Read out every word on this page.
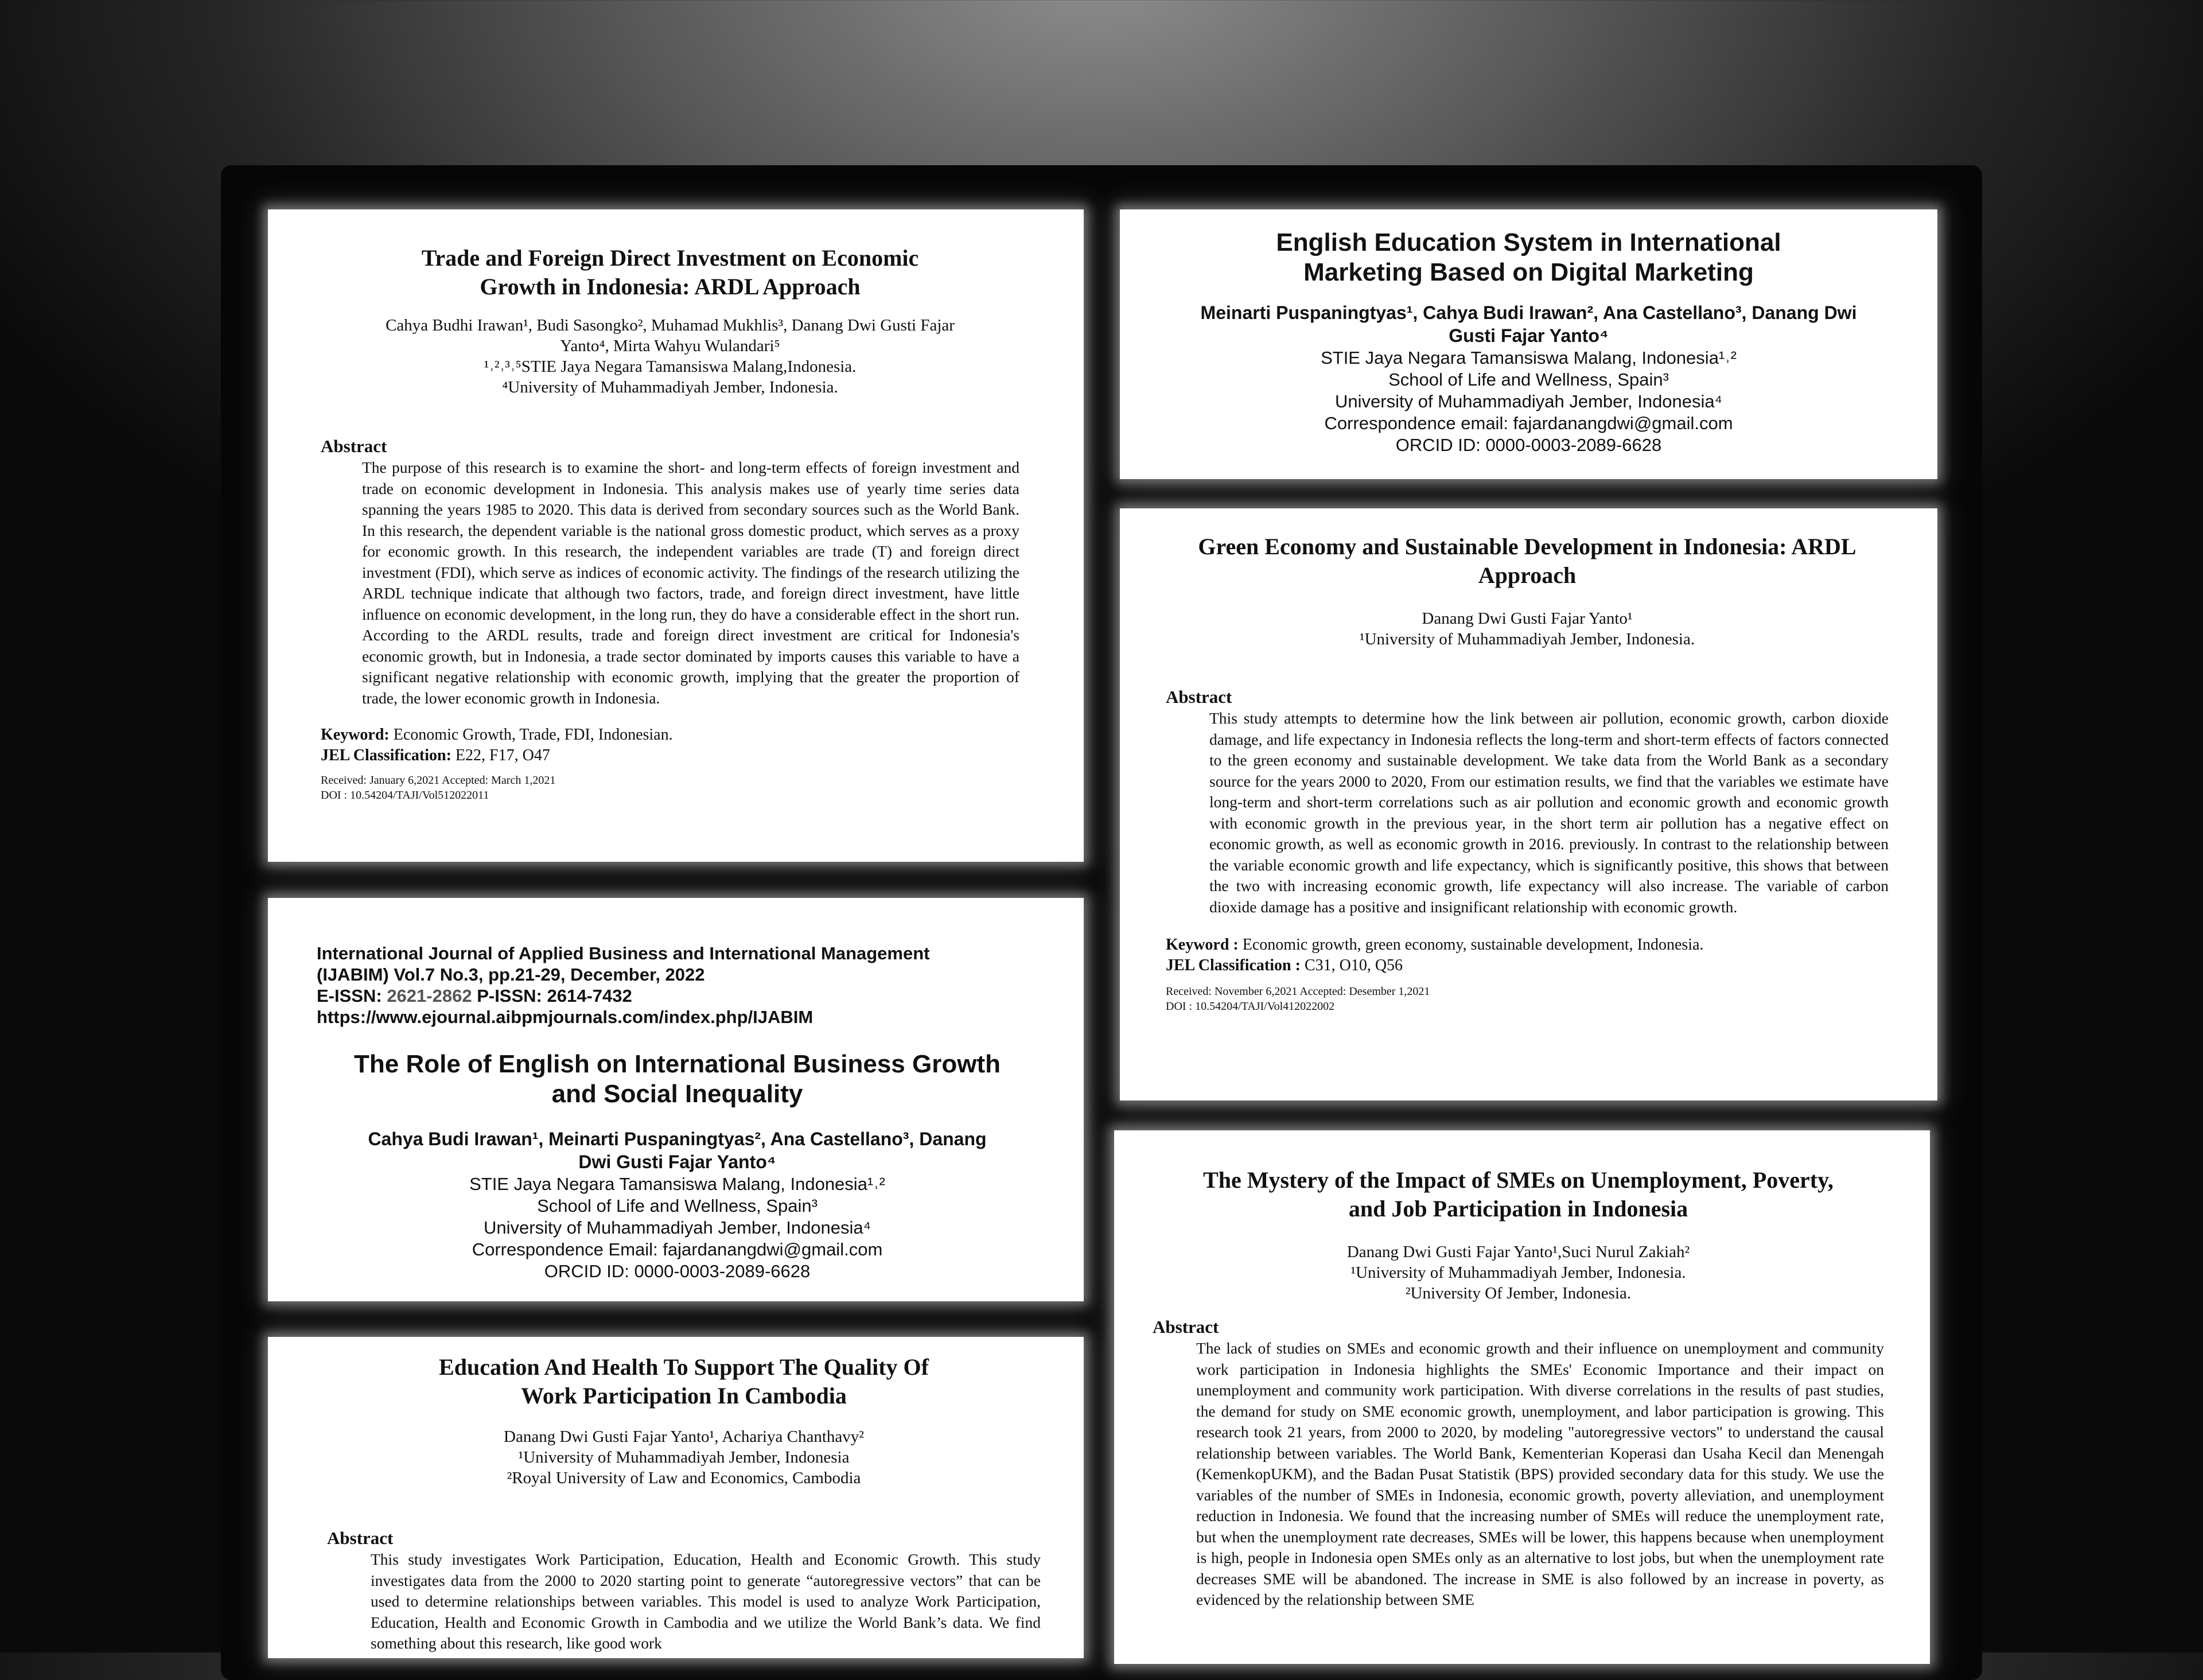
Trade and Foreign Direct Investment on Economic Growth in Indonesia: ARDL Approach
Cahya Budhi Irawan¹, Budi Sasongko², Muhamad Mukhlis³, Danang Dwi Gusti Fajar Yanto⁴, Mirta Wahyu Wulandari⁵
¹˒²˒³˒⁵STIE Jaya Negara Tamansiswa Malang,Indonesia.
⁴University of Muhammadiyah Jember, Indonesia.
Abstract
The purpose of this research is to examine the short- and long-term effects of foreign investment and trade on economic development in Indonesia. This analysis makes use of yearly time series data spanning the years 1985 to 2020. This data is derived from secondary sources such as the World Bank. In this research, the dependent variable is the national gross domestic product, which serves as a proxy for economic growth. In this research, the independent variables are trade (T) and foreign direct investment (FDI), which serve as indices of economic activity. The findings of the research utilizing the ARDL technique indicate that although two factors, trade, and foreign direct investment, have little influence on economic development, in the long run, they do have a considerable effect in the short run. According to the ARDL results, trade and foreign direct investment are critical for Indonesia's economic growth, but in Indonesia, a trade sector dominated by imports causes this variable to have a significant negative relationship with economic growth, implying that the greater the proportion of trade, the lower economic growth in Indonesia.
Keyword: Economic Growth, Trade, FDI, Indonesian.
JEL Classification: E22, F17, O47
Received: January 6,2021 Accepted: March 1,2021
DOI : 10.54204/TAJI/Vol512022011
International Journal of Applied Business and International Management
(IJABIM) Vol.7 No.3, pp.21-29, December, 2022
E-ISSN: 2621-2862 P-ISSN: 2614-7432
https://www.ejournal.aibpmjournals.com/index.php/IJABIM
The Role of English on International Business Growth and Social Inequality
Cahya Budi Irawan¹, Meinarti Puspaningtyas², Ana Castellano³, Danang Dwi Gusti Fajar Yanto⁴
STIE Jaya Negara Tamansiswa Malang, Indonesia¹˒²
School of Life and Wellness, Spain³
University of Muhammadiyah Jember, Indonesia⁴
Correspondence Email: fajardanangdwi@gmail.com
ORCID ID: 0000-0003-2089-6628
Education And Health To Support The Quality Of Work Participation In Cambodia
Danang Dwi Gusti Fajar Yanto¹, Achariya Chanthavy²
¹University of Muhammadiyah Jember, Indonesia
²Royal University of Law and Economics, Cambodia
Abstract
This study investigates Work Participation, Education, Health and Economic Growth. This study investigates data from the 2000 to 2020 starting point to generate “autoregressive vectors” that can be used to determine relationships between variables. This model is used to analyze Work Participation, Education, Health and Economic Growth in Cambodia and we utilize the World Bank’s data. We find something about this research, like good work
English Education System in International Marketing Based on Digital Marketing
Meinarti Puspaningtyas¹, Cahya Budi Irawan², Ana Castellano³, Danang Dwi Gusti Fajar Yanto⁴
STIE Jaya Negara Tamansiswa Malang, Indonesia¹˒²
School of Life and Wellness, Spain³
University of Muhammadiyah Jember, Indonesia⁴
Correspondence email: fajardanangdwi@gmail.com
ORCID ID: 0000-0003-2089-6628
Green Economy and Sustainable Development in Indonesia: ARDL Approach
Danang Dwi Gusti Fajar Yanto¹
¹University of Muhammadiyah Jember, Indonesia.
Abstract
This study attempts to determine how the link between air pollution, economic growth, carbon dioxide damage, and life expectancy in Indonesia reflects the long-term and short-term effects of factors connected to the green economy and sustainable development. We take data from the World Bank as a secondary source for the years 2000 to 2020, From our estimation results, we find that the variables we estimate have long-term and short-term correlations such as air pollution and economic growth and economic growth with economic growth in the previous year, in the short term air pollution has a negative effect on economic growth, as well as economic growth in 2016. previously. In contrast to the relationship between the variable economic growth and life expectancy, which is significantly positive, this shows that between the two with increasing economic growth, life expectancy will also increase. The variable of carbon dioxide damage has a positive and insignificant relationship with economic growth.
Keyword : Economic growth, green economy, sustainable development, Indonesia.
JEL Classification : C31, O10, Q56
Received: November 6,2021 Accepted: Desember 1,2021
DOI : 10.54204/TAJI/Vol412022002
The Mystery of the Impact of SMEs on Unemployment, Poverty, and Job Participation in Indonesia
Danang Dwi Gusti Fajar Yanto¹,Suci Nurul Zakiah²
¹University of Muhammadiyah Jember, Indonesia.
²University Of Jember, Indonesia.
Abstract
The lack of studies on SMEs and economic growth and their influence on unemployment and community work participation in Indonesia highlights the SMEs' Economic Importance and their impact on unemployment and community work participation. With diverse correlations in the results of past studies, the demand for study on SME economic growth, unemployment, and labor participation is growing. This research took 21 years, from 2000 to 2020, by modeling "autoregressive vectors" to understand the causal relationship between variables. The World Bank, Kementerian Koperasi dan Usaha Kecil dan Menengah (KemenkopUKM), and the Badan Pusat Statistik (BPS) provided secondary data for this study. We use the variables of the number of SMEs in Indonesia, economic growth, poverty alleviation, and unemployment reduction in Indonesia. We found that the increasing number of SMEs will reduce the unemployment rate, but when the unemployment rate decreases, SMEs will be lower, this happens because when unemployment is high, people in Indonesia open SMEs only as an alternative to lost jobs, but when the unemployment rate decreases SME will be abandoned. The increase in SME is also followed by an increase in poverty, as evidenced by the relationship between SME
